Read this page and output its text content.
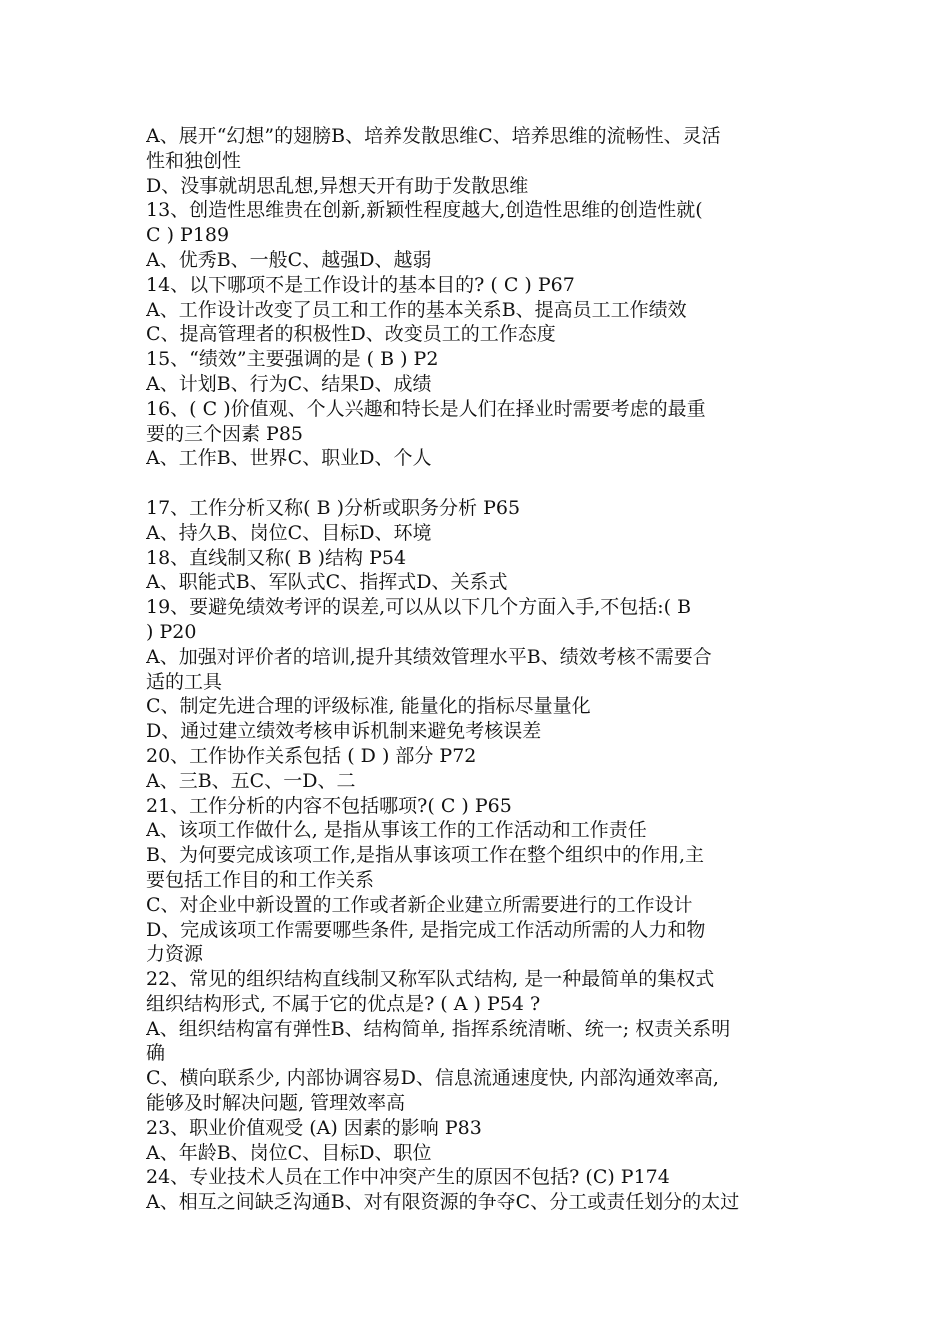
A、展开“幻想”的翅膀B、培养发散思维C、培养思维的流畅性、灵活
性和独创性
D、没事就胡思乱想,异想天开有助于发散思维
13、创造性思维贵在创新,新颖性程度越大,创造性思维的创造性就(
C ) P189
A、优秀B、一般C、越强D、越弱
14、以下哪项不是工作设计的基本目的? ( C ) P67
A、工作设计改变了员工和工作的基本关系B、提高员工工作绩效
C、提高管理者的积极性D、改变员工的工作态度
15、“绩效”主要强调的是 ( B ) P2
A、计划B、行为C、结果D、成绩
16、( C )价值观、个人兴趣和特长是人们在择业时需要考虑的最重
要的三个因素 P85
A、工作B、世界C、职业D、个人
17、工作分析又称( B )分析或职务分析 P65
A、持久B、岗位C、目标D、环境
18、直线制又称( B )结构 P54
A、职能式B、军队式C、指挥式D、关系式
19、要避免绩效考评的误差,可以从以下几个方面入手,不包括:( B
) P20
A、加强对评价者的培训,提升其绩效管理水平B、绩效考核不需要合
适的工具
C、制定先进合理的评级标准, 能量化的指标尽量量化
D、通过建立绩效考核申诉机制来避免考核误差
20、工作协作关系包括 ( D ) 部分 P72
A、三B、五C、一D、二
21、工作分析的内容不包括哪项?( C ) P65
A、该项工作做什么, 是指从事该工作的工作活动和工作责任
B、为何要完成该项工作,是指从事该项工作在整个组织中的作用,主
要包括工作目的和工作关系
C、对企业中新设置的工作或者新企业建立所需要进行的工作设计
D、完成该项工作需要哪些条件, 是指完成工作活动所需的人力和物
力资源
22、常见的组织结构直线制又称军队式结构, 是一种最简单的集权式
组织结构形式, 不属于它的优点是? ( A ) P54 ?
A、组织结构富有弹性B、结构简单, 指挥系统清晰、统一; 权责关系明
确
C、横向联系少, 内部协调容易D、信息流通速度快, 内部沟通效率高,
能够及时解决问题, 管理效率高
23、职业价值观受 (A) 因素的影响 P83
A、年龄B、岗位C、目标D、职位
24、专业技术人员在工作中冲突产生的原因不包括? (C) P174
A、相互之间缺乏沟通B、对有限资源的争夺C、分工或责任划分的太过
